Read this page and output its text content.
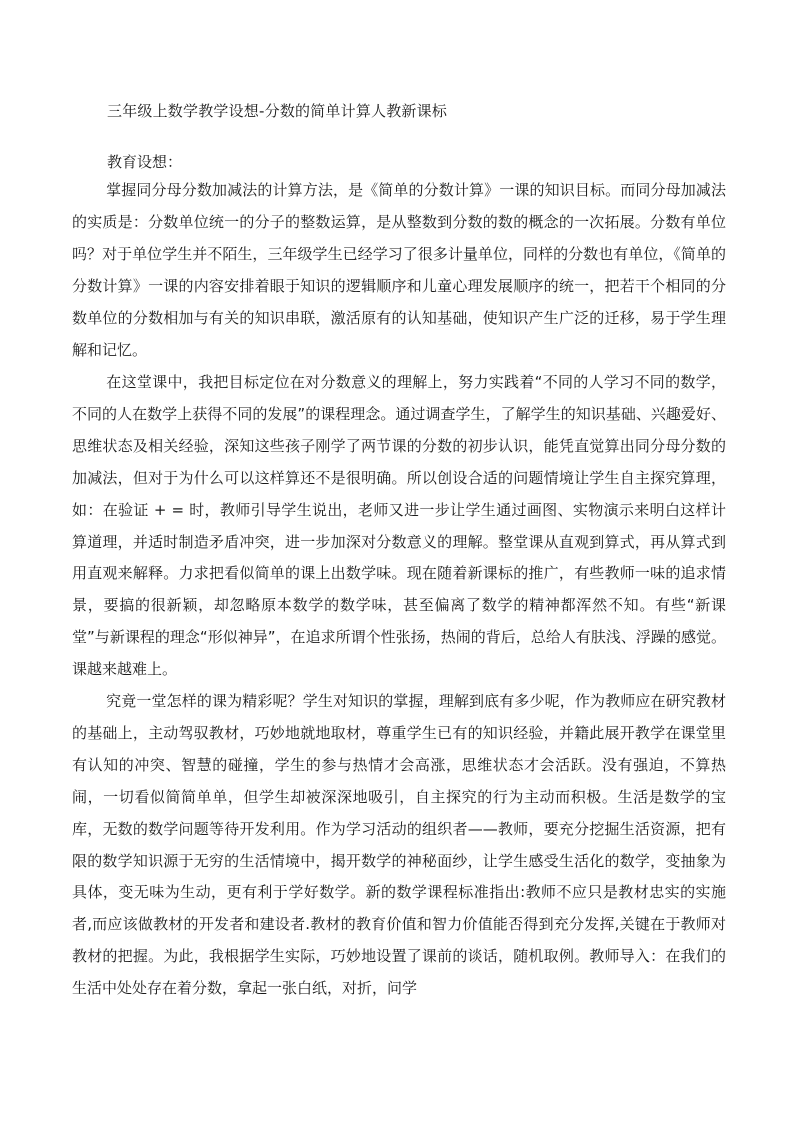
三年级上数学教学设想-分数的简单计算人教新课标
教育设想：

掌握同分母分数加减法的计算方法，是《简单的分数计算》一课的知识目标。而同分母加减法的实质是：分数单位统一的分子的整数运算，是从整数到分数的数的概念的一次拓展。分数有单位吗？对于单位学生并不陌生，三年级学生已经学习了很多计量单位，同样的分数也有单位，《简单的分数计算》一课的内容安排着眼于知识的逻辑顺序和儿童心理发展顺序的统一，把若干个相同的分数单位的分数相加与有关的知识串联，激活原有的认知基础，使知识产生广泛的迁移，易于学生理解和记忆。

在这堂课中，我把目标定位在对分数意义的理解上，努力实践着“不同的人学习不同的数学，不同的人在数学上获得不同的发展”的课程理念。通过调查学生，了解学生的知识基础、兴趣爱好、思维状态及相关经验，深知这些孩子刚学了两节课的分数的初步认识，能凭直觉算出同分母分数的加减法，但对于为什么可以这样算还不是很明确。所以创设合适的问题情境让学生自主探究算理，如：在验证 + = 时，教师引导学生说出，老师又进一步让学生通过画图、实物演示来明白这样计算道理，并适时制造矛盾冲突，进一步加深对分数意义的理解。整堂课从直观到算式，再从算式到用直观来解释。力求把看似简单的课上出数学味。现在随着新课标的推广，有些教师一味的追求情景，要搞的很新颖，却忽略原本数学的数学味，甚至偏离了数学的精神都浑然不知。有些“新课堂”与新课程的理念“形似神异”，在追求所谓个性张扬，热闹的背后，总给人有肤浅、浮躁的感觉。课越来越难上。

究竟一堂怎样的课为精彩呢？学生对知识的掌握，理解到底有多少呢，作为教师应在研究教材的基础上，主动驾驭教材，巧妙地就地取材，尊重学生已有的知识经验，并籍此展开教学在课堂里有认知的冲突、智慧的碰撞，学生的参与热情才会高涨，思维状态才会活跃。没有强迫，不算热闹，一切看似简简单单，但学生却被深深地吸引，自主探究的行为主动而积极。生活是数学的宝库，无数的数学问题等待开发利用。作为学习活动的组织者——教师，要充分挖掘生活资源，把有限的数学知识源于无穷的生活情境中，揭开数学的神秘面纱，让学生感受生活化的数学，变抽象为具体，变无味为生动，更有利于学好数学。新的数学课程标准指出:教师不应只是教材忠实的实施者,而应该做教材的开发者和建设者.教材的教育价值和智力价值能否得到充分发挥,关键在于教师对教材的把握。为此，我根据学生实际，巧妙地设置了课前的谈话，随机取例。教师导入：在我们的生活中处处存在着分数，拿起一张白纸，对折，问学
